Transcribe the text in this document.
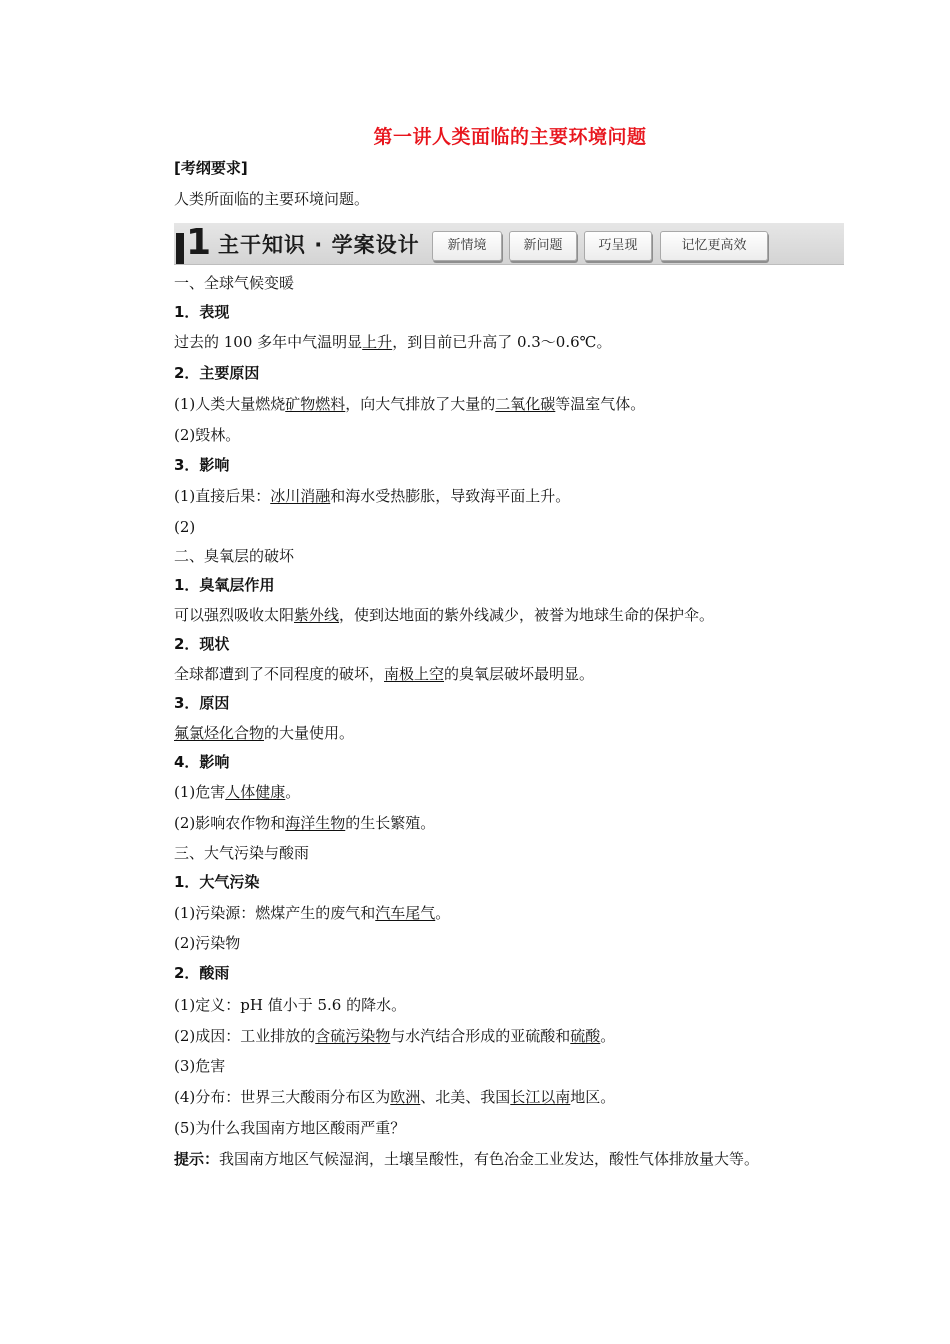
第一讲人类面临的主要环境问题
[考纲要求]
人类所面临的主要环境问题。
1 主干知识 · 学案设计	新情境	新问题	巧呈现	记忆更高效
一、全球气候变暖
1．表现
过去的 100 多年中气温明显上升，到目前已升高了 0.3～0.6℃。
2．主要原因
(1)人类大量燃烧矿物燃料，向大气排放了大量的二氧化碳等温室气体。
(2)毁林。
3．影响
(1)直接后果：冰川消融和海水受热膨胀，导致海平面上升。
(2)
二、臭氧层的破坏
1．臭氧层作用
可以强烈吸收太阳紫外线，使到达地面的紫外线减少，被誉为地球生命的保护伞。
2．现状
全球都遭到了不同程度的破坏，南极上空的臭氧层破坏最明显。
3．原因
氟氯烃化合物的大量使用。
4．影响
(1)危害人体健康。
(2)影响农作物和海洋生物的生长繁殖。
三、大气污染与酸雨
1．大气污染
(1)污染源：燃煤产生的废气和汽车尾气。
(2)污染物
2．酸雨
(1)定义：pH 值小于 5.6 的降水。
(2)成因：工业排放的含硫污染物与水汽结合形成的亚硫酸和硫酸。
(3)危害
(4)分布：世界三大酸雨分布区为欧洲、北美、我国长江以南地区。
(5)为什么我国南方地区酸雨严重？
提示：我国南方地区气候湿润，土壤呈酸性，有色冶金工业发达，酸性气体排放量大等。
